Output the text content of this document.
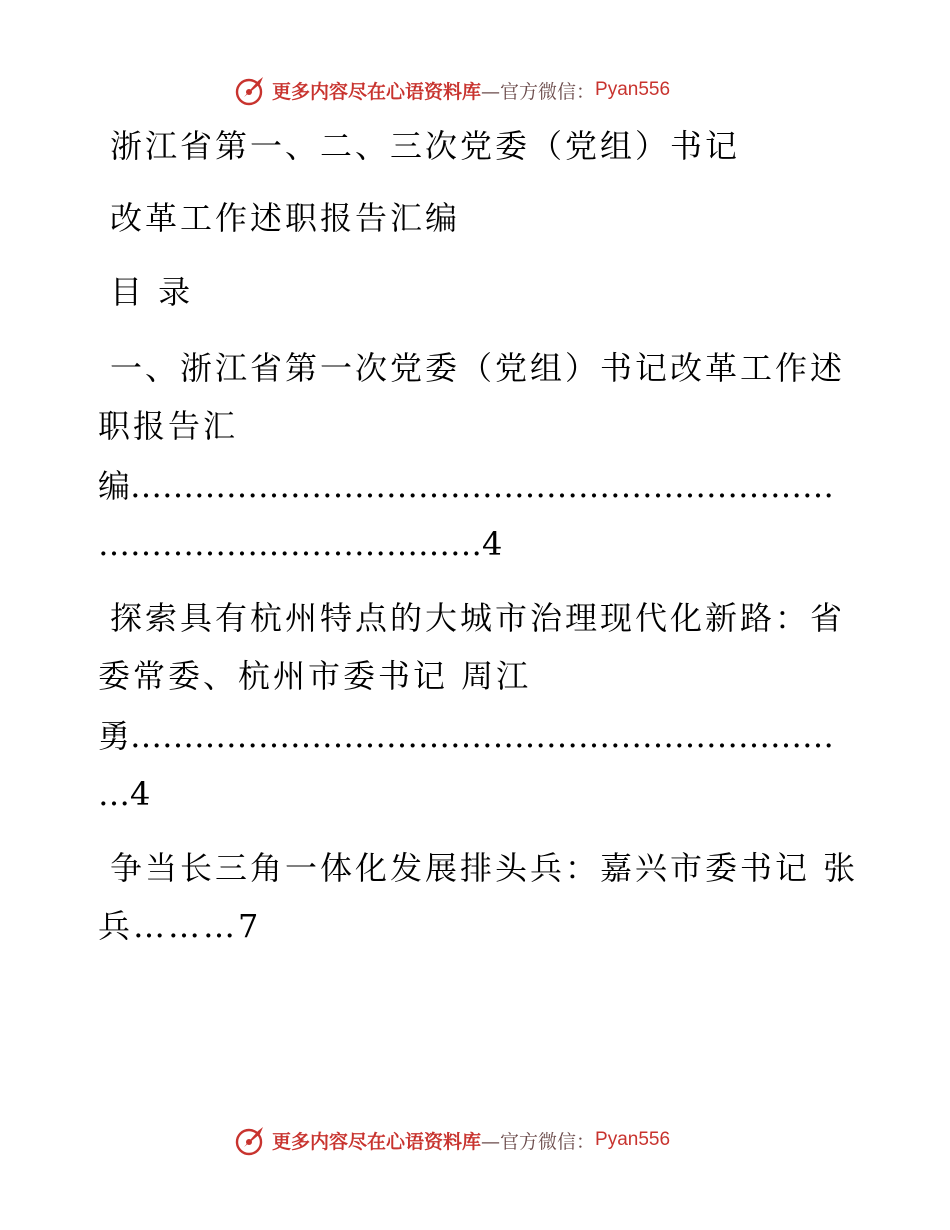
更多内容尽在心语资料库 —官方微信： Pyan556
浙江省第一、二、三次党委（党组）书记
改革工作述职报告汇编
目 录
一、浙江省第一次党委（党组）书记改革工作述
职报告汇
编…………………………………………………………
………………………………4
探索具有杭州特点的大城市治理现代化新路：省
委常委、杭州市委书记 周江
勇…………………………………………………………
…4
争当长三角一体化发展排头兵：嘉兴市委书记 张
兵………7
更多内容尽在心语资料库 —官方微信： Pyan556
